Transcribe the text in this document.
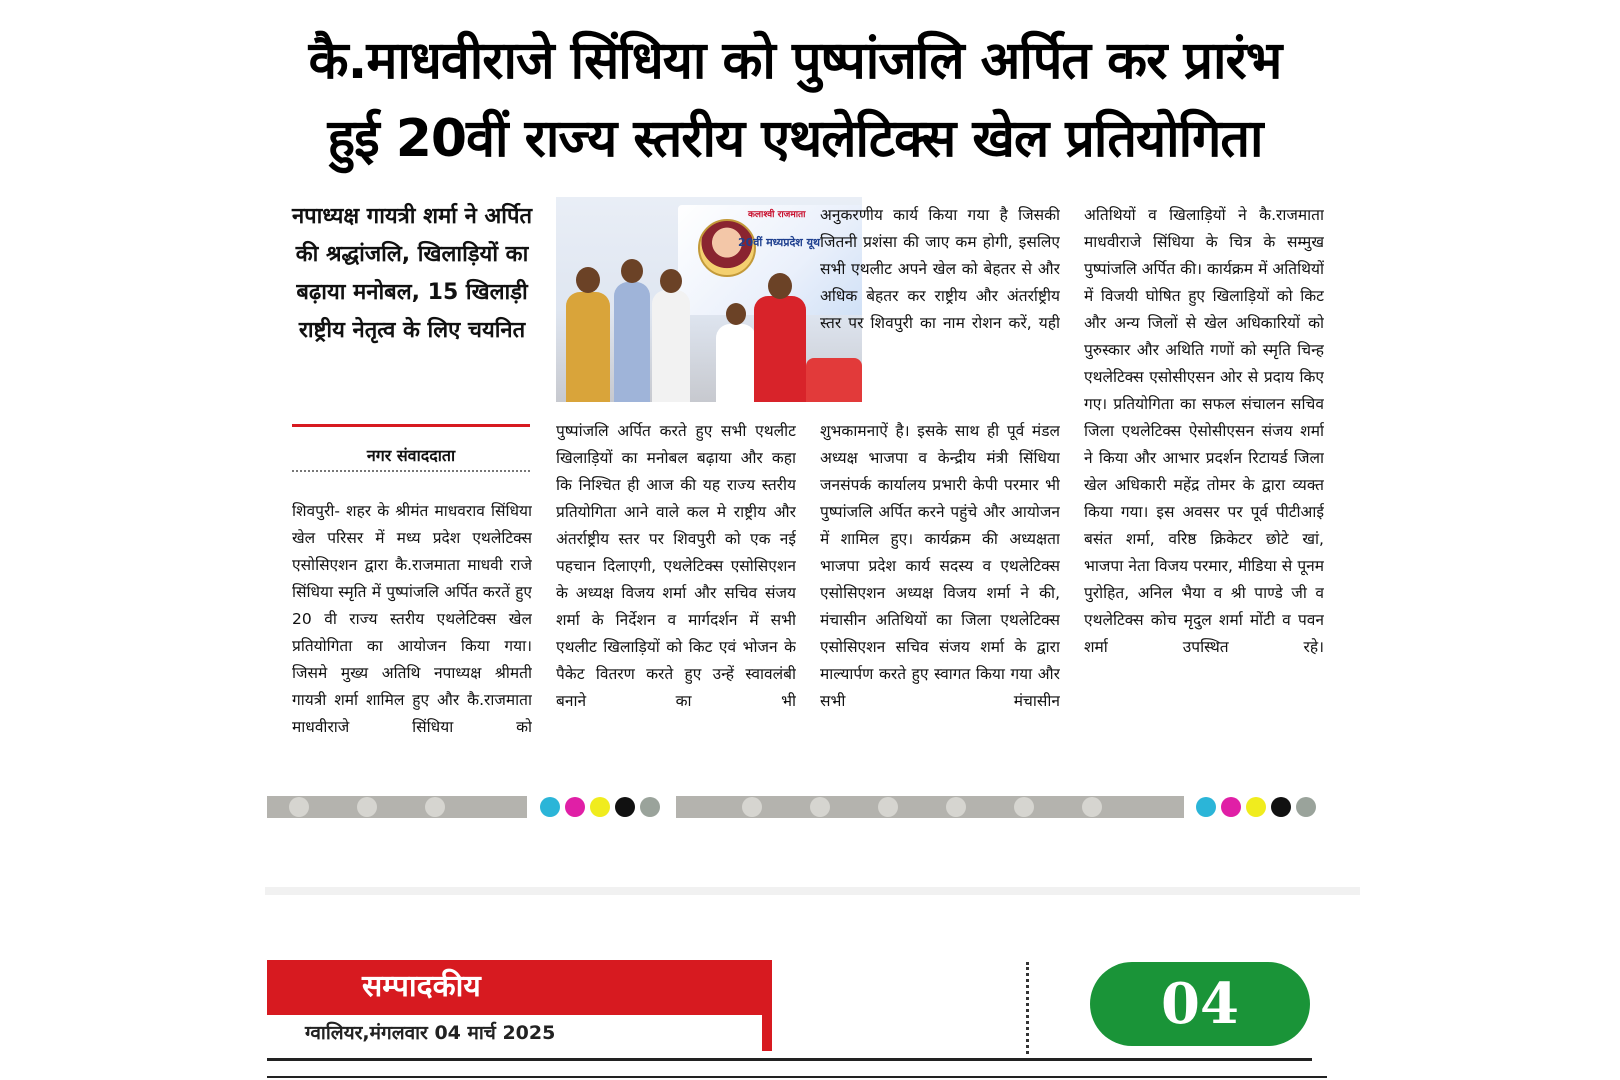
कै.माधवीराजे सिंधिया को पुष्पांजलि अर्पित कर प्रारंभ
हुई 20वीं राज्य स्तरीय एथलेटिक्स खेल प्रतियोगिता
नपाध्यक्ष गायत्री शर्मा ने अर्पित की श्रद्धांजलि, खिलाड़ियों का बढ़ाया मनोबल, 15 खिलाड़ी राष्ट्रीय नेतृत्व के लिए चयनित
नगर संवाददाता
कलाश्वी राजमाता
20वीं मध्यप्रदेश यूथ
शिवपुरी- शहर के श्रीमंत माधवराव सिंधिया खेल परिसर में मध्य प्रदेश एथलेटिक्स एसोसिएशन द्वारा कै.राजमाता माधवी राजे सिंधिया स्मृति में पुष्पांजलि अर्पित करतें हुए 20 वी राज्य स्तरीय एथलेटिक्स खेल प्रतियोगिता का आयोजन किया गया। जिसमे मुख्य अतिथि नपाध्यक्ष श्रीमती गायत्री शर्मा शामिल हुए और कै.राजमाता माधवीराजे सिंधिया को
पुष्पांजलि अर्पित करते हुए सभी एथलीट खिलाड़ियों का मनोबल बढ़ाया और कहा कि निश्चित ही आज की यह राज्य स्तरीय प्रतियोगिता आने वाले कल मे राष्ट्रीय और अंतर्राष्ट्रीय स्तर पर शिवपुरी को एक नई पहचान दिलाएगी, एथलेटिक्स एसोसिएशन के अध्यक्ष विजय शर्मा और सचिव संजय शर्मा के निर्देशन व मार्गदर्शन में सभी एथलीट खिलाड़ियों को किट एवं भोजन के पैकेट वितरण करते हुए उन्हें स्वावलंबी बनाने का भी
अनुकरणीय कार्य किया गया है जिसकी जितनी प्रशंसा की जाए कम होगी, इसलिए सभी एथलीट अपने खेल को बेहतर से और अधिक बेहतर कर राष्ट्रीय और अंतर्राष्ट्रीय स्तर पर शिवपुरी का नाम रोशन करें, यही
शुभकामनाऐं है। इसके साथ ही पूर्व मंडल अध्यक्ष भाजपा व केन्द्रीय मंत्री सिंधिया जनसंपर्क कार्यालय प्रभारी केपी परमार भी पुष्पांजलि अर्पित करने पहुंचे और आयोजन में शामिल हुए। कार्यक्रम की अध्यक्षता भाजपा प्रदेश कार्य सदस्य व एथलेटिक्स एसोसिएशन अध्यक्ष विजय शर्मा ने की, मंचासीन अतिथियों का जिला एथलेटिक्स एसोसिएशन सचिव संजय शर्मा के द्वारा माल्यार्पण करते हुए स्वागत किया गया और सभी मंचासीन
अतिथियों व खिलाड़ियों ने कै.राजमाता माधवीराजे सिंधिया के चित्र के सम्मुख पुष्पांजलि अर्पित की। कार्यक्रम में अतिथियों में विजयी घोषित हुए खिलाड़ियों को किट और अन्य जिलों से खेल अधिकारियों को पुरुस्कार और अथिति गणों को स्मृति चिन्ह एथलेटिक्स एसोसीएसन ओर से प्रदाय किए गए। प्रतियोगिता का सफल संचालन सचिव जिला एथलेटिक्स ऐसोसीएसन संजय शर्मा ने किया और आभार प्रदर्शन रिटायर्ड जिला खेल अधिकारी महेंद्र तोमर के द्वारा व्यक्त किया गया। इस अवसर पर पूर्व पीटीआई बसंत शर्मा, वरिष्ठ क्रिकेटर छोटे खां, भाजपा नेता विजय परमार, मीडिया से पूनम पुरोहित, अनिल भैया व श्री पाण्डे जी व एथलेटिक्स कोच मृदुल शर्मा मोंटी व पवन शर्मा उपस्थित रहे।
सम्पादकीय
ग्वालियर,मंगलवार 04 मार्च 2025	04
